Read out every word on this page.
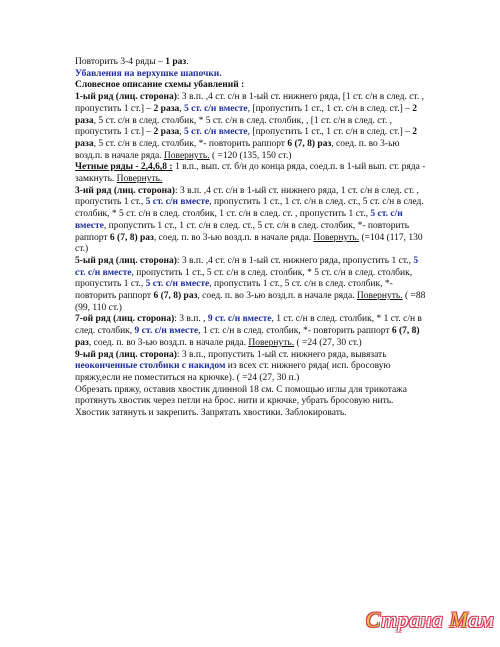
Повторить 3-4 ряды – 1 раз.

Убавления на верхушке шапочки.

Словесное описание схемы убавлений :

1-ый ряд (лиц. сторона): 3 в.п. ,4 ст. с/н в 1-ый ст. нижнего ряда, [1 ст. с/н в след. ст. , пропустить 1 ст.] – 2 раза, 5 ст. с/н вместе, [пропустить 1 ст., 1 ст. с/н в след. ст.] – 2 раза, 5 ст. с/н в след. столбик, * 5 ст. с/н в след. столбик, , [1 ст. с/н в след. ст. , пропустить 1 ст.] – 2 раза, 5 ст. с/н вместе, [пропустить 1 ст., 1 ст. с/н в след. ст.] – 2 раза, 5 ст. с/н в след. столбик, *- повторить раппорт 6 (7, 8) раз, соед. п. во 3-ью возд.п. в начале ряда. Повернуть. ( =120 (135, 150 ст.)

Четные ряды - 2,4,6,8 : 1 в.п., вып. ст. б/н до конца ряда, соед.п. в 1-ый вып. ст. ряда - замкнуть. Повернуть.

3-ий ряд (лиц. сторона): 3 в.п. ,4 ст. с/н в 1-ый ст. нижнего ряда, 1 ст. с/н в след. ст. , пропустить 1 ст., 5 ст. с/н вместе, пропустить 1 ст., 1 ст. с/н в след. ст., 5 ст. с/н в след. столбик, * 5 ст. с/н в след. столбик, 1 ст. с/н в след. ст. , пропустить 1 ст., 5 ст. с/н вместе, пропустить 1 ст., 1 ст. с/н в след. ст., 5 ст. с/н в след. столбик, *- повторить раппорт 6 (7, 8) раз, соед. п. во 3-ью возд.п. в начале ряда. Повернуть. (=104 (117, 130 ст.)

5-ый ряд (лиц. сторона): 3 в.п. ,4 ст. с/н в 1-ый ст. нижнего ряда, пропустить 1 ст., 5 ст. с/н вместе, пропустить 1 ст., 5 ст. с/н в след. столбик, * 5 ст. с/н в след. столбик, пропустить 1 ст., 5 ст. с/н вместе, пропустить 1 ст., 5 ст. с/н в след. столбик, *- повторить раппорт 6 (7, 8) раз, соед. п. во 3-ью возд.п. в начале ряда. Повернуть. ( =88 (99, 110 ст.)

7-ой ряд (лиц. сторона): 3 в.п. , 9 ст. с/н вместе, 1 ст. с/н в след. столбик, * 1 ст. с/н в след. столбик, 9 ст. с/н вместе, 1 ст. с/н в след. столбик, *- повторить раппорт 6 (7, 8) раз, соед. п. во 3-ью возд.п. в начале ряда. Повернуть. ( =24 (27, 30 ст.)

9-ый ряд (лиц. сторона): 3 в.п., пропустить 1-ый ст. нижнего ряда, вывязать неоконченные столбики с накидом из всех ст. нижнего ряда( исп. бросовую пряжу,если не поместиться на крючке). ( =24 (27, 30 п.)

Обрезать пряжу, оставив хвостик длинной 18 см. С помощью иглы для трикотажа протянуть хвостик через петли на брос. нити и крючке, убрать бросовую нить. Хвостик затянуть и закрепить. Запрятать хвостики. Заблокировать.

Страна Мам
